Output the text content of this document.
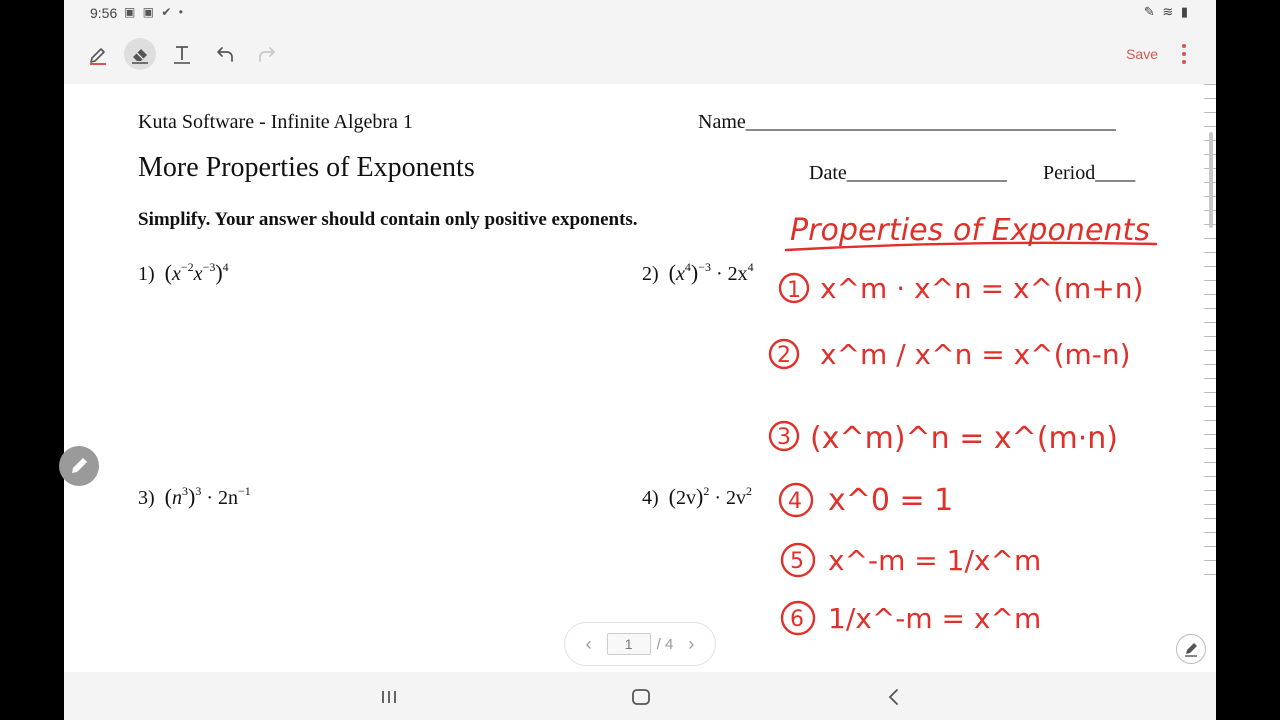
9:56 ▣ ▣ ✔ •	✎ ≋ ▮
Save
Kuta Software - Infinite Algebra 1	Name_____________________________________
More Properties of Exponents	Date________________ Period____
Simplify. Your answer should contain only positive exponents.
1) $(x^{-2}x^{-3})^4$	2) $(x^4)^{-3} \cdot 2x^4$
3) $(n^3)^3 \cdot 2n^{-1}$	4) $(2v)^2 \cdot 2v^2$
Properties of Exponents
1 x^m · x^n = x^(m+n)
2 x^m / x^n = x^(m-n)
3 (x^m)^n = x^(m·n)
4 x^0 = 1
5 x^-m = 1/x^m
6 1/x^-m = x^m
‹
1	/ 4 ›
